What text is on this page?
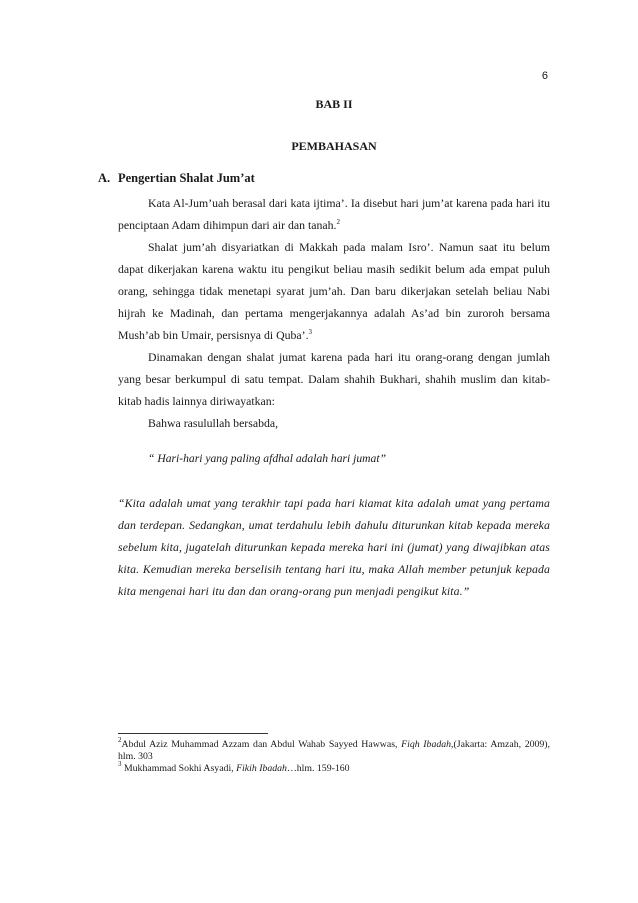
6
BAB II
PEMBAHASAN
A. Pengertian Shalat Jum’at

Kata Al-Jum’uah berasal dari kata ijtima’. Ia disebut hari jum’at karena pada hari itu penciptaan Adam dihimpun dari air dan tanah.$^2$

Shalat jum’ah disyariatkan di Makkah pada malam Isro’. Namun saat itu belum dapat dikerjakan karena waktu itu pengikut beliau masih sedikit belum ada empat puluh orang, sehingga tidak menetapi syarat jum’ah. Dan baru dikerjakan setelah beliau Nabi hijrah ke Madinah, dan pertama mengerjakannya adalah As’ad bin zuroroh bersama Mush’ab bin Umair, persisnya di Quba’.$^3$

Dinamakan dengan shalat jumat karena pada hari itu orang-orang dengan jumlah yang besar berkumpul di satu tempat. Dalam shahih Bukhari, shahih muslim dan kitab-kitab hadis lainnya diriwayatkan:

Bahwa rasulullah bersabda,

“ Hari-hari yang paling afdhal adalah hari jumat”
“Kita adalah umat yang terakhir tapi pada hari kiamat kita adalah umat yang pertama dan terdepan. Sedangkan, umat terdahulu lebih dahulu diturunkan kitab kepada mereka sebelum kita, jugatelah diturunkan kepada mereka hari ini (jumat) yang diwajibkan atas kita. Kemudian mereka berselisih tentang hari itu, maka Allah member petunjuk kepada kita mengenai hari itu dan dan orang-orang pun menjadi pengikut kita.”

$^2$Abdul Aziz Muhammad Azzam dan Abdul Wahab Sayyed Hawwas, Fiqh Ibadah,(Jakarta: Amzah, 2009), hlm. 303

$^3$ Mukhammad Sokhi Asyadi, Fikih Ibadah…hlm. 159-160
